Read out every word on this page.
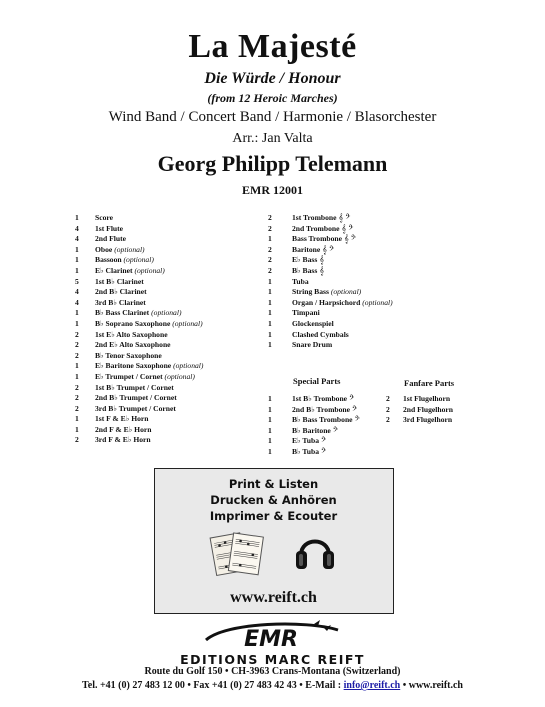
La Majesté
Die Würde / Honour
(from 12 Heroic Marches)
Wind Band / Concert Band / Harmonie / Blasorchester
Arr.: Jan Valta
Georg Philipp Telemann
EMR 12001
1	Score
4	1st Flute
4	2nd Flute
1	Oboe (optional)
1	Bassoon (optional)
1	E♭ Clarinet (optional)
5	1st B♭ Clarinet
4	2nd B♭ Clarinet
4	3rd B♭ Clarinet
1	B♭ Bass Clarinet (optional)
1	B♭ Soprano Saxophone (optional)
2	1st E♭ Alto Saxophone
2	2nd E♭ Alto Saxophone
2	B♭ Tenor Saxophone
1	E♭ Baritone Saxophone (optional)
1	E♭ Trumpet / Cornet (optional)
2	1st B♭ Trumpet / Cornet
2	2nd B♭ Trumpet / Cornet
2	3rd B♭ Trumpet / Cornet
1	1st F & E♭ Horn
1	2nd F & E♭ Horn
2	3rd F & E♭ Horn
2	1st Trombone 𝄞 𝄢
2	2nd Trombone 𝄞 𝄢
1	Bass Trombone 𝄞 𝄢
2	Baritone 𝄞 𝄢
2	E♭ Bass 𝄞
2	B♭ Bass 𝄞
1	Tuba
1	String Bass (optional)
1	Organ / Harpsichord (optional)
1	Timpani
1	Glockenspiel
1	Clashed Cymbals
1	Snare Drum
Special Parts	Fanfare Parts
1	1st B♭ Trombone 𝄢
1	2nd B♭ Trombone 𝄢
1	B♭ Bass Trombone 𝄢
1	B♭ Baritone 𝄢
1	E♭ Tuba 𝄢
1	B♭ Tuba 𝄢
2	1st Flugelhorn
2	2nd Flugelhorn
2	3rd Flugelhorn
Print & Listen
Drucken & Anhören
Imprimer & Ecouter
www.reift.ch
EMR
EDITIONS MARC REIFT
Route du Golf 150 • CH-3963 Crans-Montana (Switzerland)
Tel. +41 (0) 27 483 12 00 • Fax +41 (0) 27 483 42 43 • E-Mail : info@reift.ch • www.reift.ch
